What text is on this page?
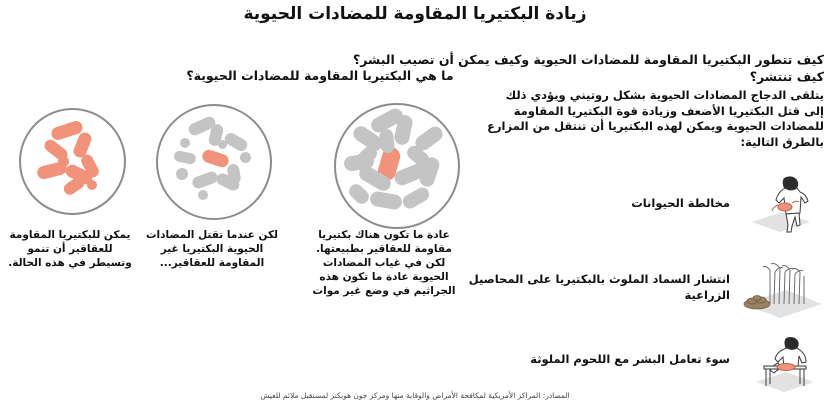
زيادة البكتيريا المقاومة للمضادات الحيوية
كيف تتطور البكتيريا المقاومة للمضادات الحيوية وكيف يمكن أن تصيب البشر؟
كيف تنتشر؟
يتلقى الدجاج المضادات الحيوية بشكل روتيني ويؤدي ذلك إلى قتل البكتيريا الأضعف وزيادة قوة البكتيريا المقاومة للمضادات الحيوية ويمكن لهذه البكتيريا أن تنتقل من المزارع بالطرق التالية:
ما هي البكتيريا المقاومة للمضادات الحيوية؟
يمكن للبكتيريا المقاومة للعقاقير أن تنمو وتسيطر في هذه الحالة.
لكن عندما تقتل المضادات الحيوية البكتيريا غير المقاومة للعقاقير...
عادة ما تكون هناك بكتيريا مقاومة للعقاقير بطبيعتها. لكن في غياب المضادات الحيوية عادة ما تكون هذه الجراثيم في وضع غير موات
مخالطة الحيوانات
انتشار السماد الملوث بالبكتيريا على المحاصيل الزراعية
سوء تعامل البشر مع اللحوم الملوثة
المصادر: المراكز الأمريكية لمكافحة الأمراض والوقاية منها ومركز جون هوبكنز لمستقبل ملائم للعيش
